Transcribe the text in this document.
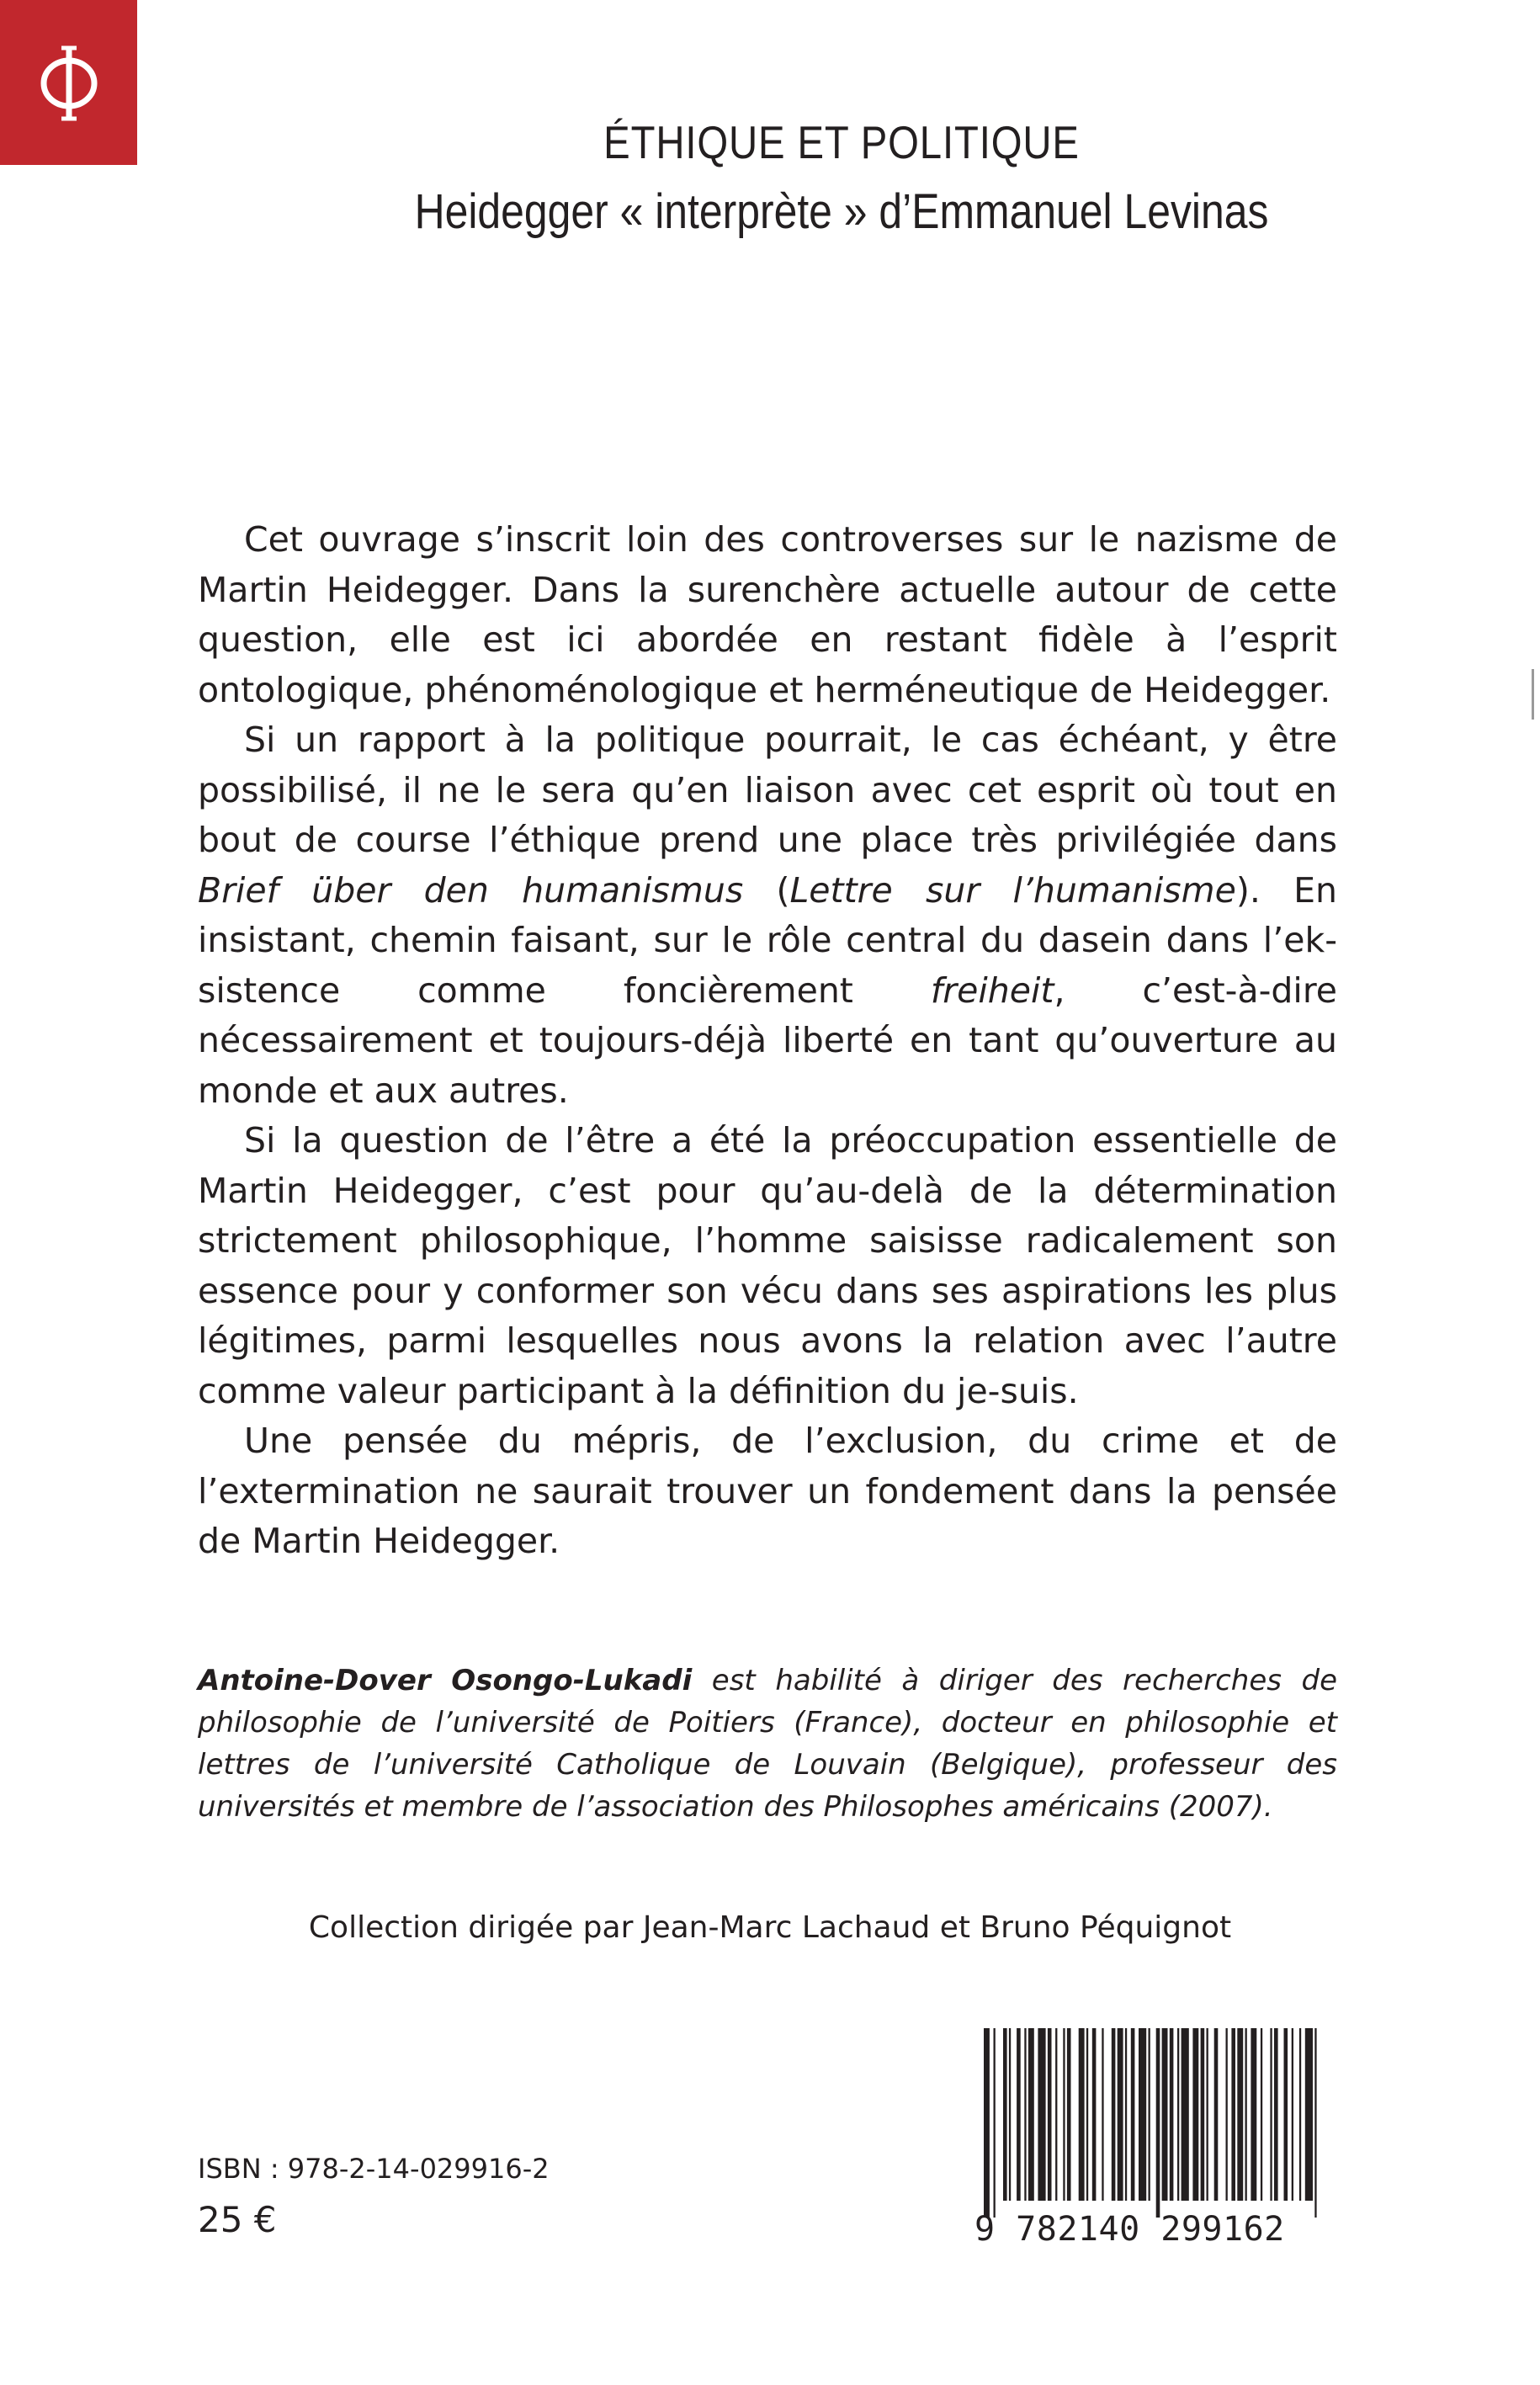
ÉTHIQUE ET POLITIQUE
Heidegger « interprète » d’Emmanuel Levinas

Cet ouvrage s’inscrit loin des controverses sur le nazisme de Martin Heidegger. Dans la surenchère actuelle autour de cette question, elle est ici abordée en restant fidèle à l’esprit ontologique, phénoménologique et herméneutique de Heidegger.

Si un rapport à la politique pourrait, le cas échéant, y être possibilisé, il ne le sera qu’en liaison avec cet esprit où tout en bout de course l’éthique prend une place très privilégiée dans Brief über den humanismus (Lettre sur l’humanisme). En insistant, chemin faisant, sur le rôle central du dasein dans l’ek-sistence comme foncièrement freiheit, c’est-à-dire nécessairement et toujours-déjà liberté en tant qu’ouverture au monde et aux autres.

Si la question de l’être a été la préoccupation essentielle de Martin Heidegger, c’est pour qu’au-delà de la détermination strictement philosophique, l’homme saisisse radicalement son essence pour y conformer son vécu dans ses aspirations les plus légitimes, parmi lesquelles nous avons la relation avec l’autre comme valeur participant à la définition du je-suis.

Une pensée du mépris, de l’exclusion, du crime et de l’extermination ne saurait trouver un fondement dans la pensée de Martin Heidegger.

Antoine-Dover Osongo-Lukadi est habilité à diriger des recherches de philosophie de l’université de Poitiers (France), docteur en philosophie et lettres de l’université Catholique de Louvain (Belgique), professeur des universités et membre de l’association des Philosophes américains (2007).
Collection dirigée par Jean-Marc Lachaud et Bruno Péquignot
ISBN : 978-2-14-029916-2
25 €	9 782140 299162
